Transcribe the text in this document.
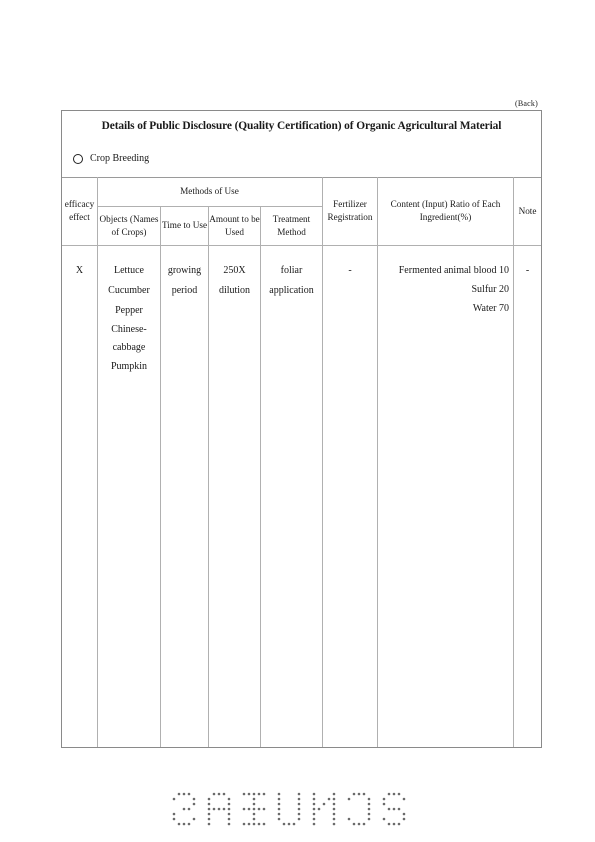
(Back)
Details of Public Disclosure (Quality Certification) of Organic Agricultural Material
Crop Breeding
efficacy effect
Methods of Use
Objects (Names of Crops)
Time to Use
Amount to be Used
Treatment Method
Fertilizer Registration
Content (Input) Ratio of Each Ingredient(%)
Note
X	Lettuce
Cucumber
Pepper
Chinese-cabbage
Pumpkin
growing
period
250X
dilution
foliar
application
-	Fermented animal blood 10
Sulfur 20
Water 70
-
